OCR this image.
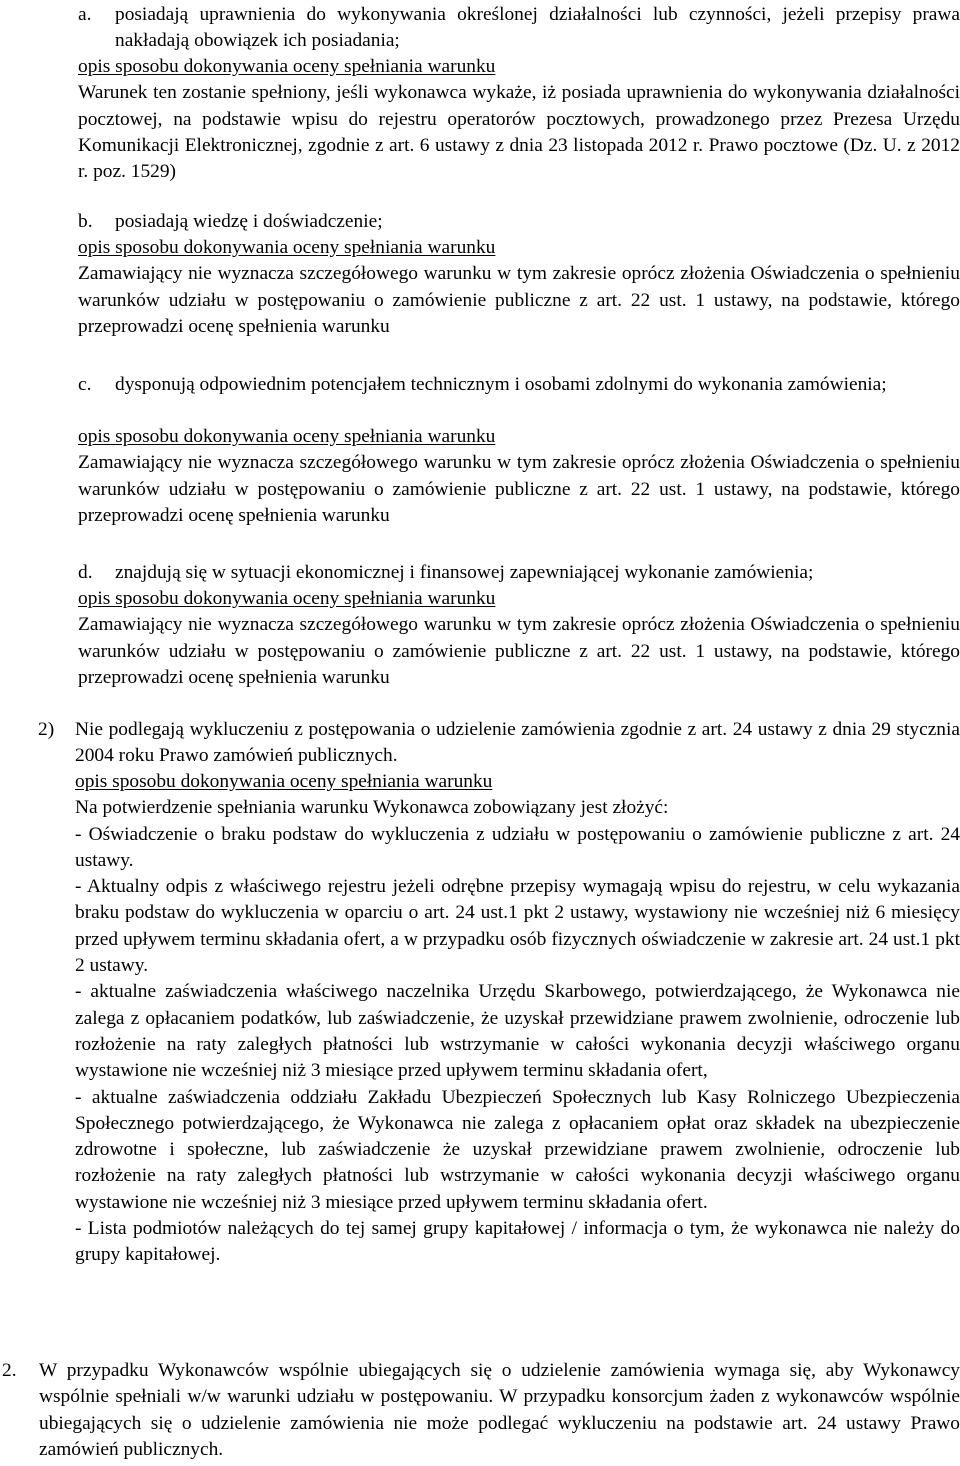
a. posiadają uprawnienia do wykonywania określonej działalności lub czynności, jeżeli przepisy prawa nakładają obowiązek ich posiadania;

opis sposobu dokonywania oceny spełniania warunku

Warunek ten zostanie spełniony, jeśli wykonawca wykaże, iż posiada uprawnienia do wykonywania działalności pocztowej, na podstawie wpisu do rejestru operatorów pocztowych, prowadzonego przez Prezesa Urzędu Komunikacji Elektronicznej, zgodnie z art. 6 ustawy z dnia 23 listopada 2012 r. Prawo pocztowe (Dz. U. z 2012 r. poz. 1529)

b. posiadają wiedzę i doświadczenie;

opis sposobu dokonywania oceny spełniania warunku

Zamawiający nie wyznacza szczegółowego warunku w tym zakresie oprócz złożenia Oświadczenia o spełnieniu warunków udziału w postępowaniu o zamówienie publiczne z art. 22 ust. 1 ustawy, na podstawie, którego przeprowadzi ocenę spełnienia warunku

c. dysponują odpowiednim potencjałem technicznym i osobami zdolnymi do wykonania zamówienia;

opis sposobu dokonywania oceny spełniania warunku

Zamawiający nie wyznacza szczegółowego warunku w tym zakresie oprócz złożenia Oświadczenia o spełnieniu warunków udziału w postępowaniu o zamówienie publiczne z art. 22 ust. 1 ustawy, na podstawie, którego przeprowadzi ocenę spełnienia warunku

d. znajdują się w sytuacji ekonomicznej i finansowej zapewniającej wykonanie zamówienia;

opis sposobu dokonywania oceny spełniania warunku

Zamawiający nie wyznacza szczegółowego warunku w tym zakresie oprócz złożenia Oświadczenia o spełnieniu warunków udziału w postępowaniu o zamówienie publiczne z art. 22 ust. 1 ustawy, na podstawie, którego przeprowadzi ocenę spełnienia warunku

2) Nie podlegają wykluczeniu z postępowania o udzielenie zamówienia zgodnie z art. 24 ustawy z dnia 29 stycznia 2004 roku Prawo zamówień publicznych.

opis sposobu dokonywania oceny spełniania warunku

Na potwierdzenie spełniania warunku Wykonawca zobowiązany jest złożyć:

- Oświadczenie o braku podstaw do wykluczenia z udziału w postępowaniu o zamówienie publiczne z art. 24 ustawy.

- Aktualny odpis z właściwego rejestru jeżeli odrębne przepisy wymagają wpisu do rejestru, w celu wykazania braku podstaw do wykluczenia w oparciu o art. 24 ust.1 pkt 2 ustawy, wystawiony nie wcześniej niż 6 miesięcy przed upływem terminu składania ofert, a w przypadku osób fizycznych oświadczenie w zakresie art. 24 ust.1 pkt 2 ustawy.

- aktualne zaświadczenia właściwego naczelnika Urzędu Skarbowego, potwierdzającego, że Wykonawca nie zalega z opłacaniem podatków, lub zaświadczenie, że uzyskał przewidziane prawem zwolnienie, odroczenie lub rozłożenie na raty zaległych płatności lub wstrzymanie w całości wykonania decyzji właściwego organu wystawione nie wcześniej niż 3 miesiące przed upływem terminu składania ofert,

- aktualne zaświadczenia oddziału Zakładu Ubezpieczeń Społecznych lub Kasy Rolniczego Ubezpieczenia Społecznego potwierdzającego, że Wykonawca nie zalega z opłacaniem opłat oraz składek na ubezpieczenie zdrowotne i społeczne, lub zaświadczenie że uzyskał przewidziane prawem zwolnienie, odroczenie lub rozłożenie na raty zaległych płatności lub wstrzymanie w całości wykonania decyzji właściwego organu wystawione nie wcześniej niż 3 miesiące przed upływem terminu składania ofert.

- Lista podmiotów należących do tej samej grupy kapitałowej / informacja o tym, że wykonawca nie należy do grupy kapitałowej.

2. W przypadku Wykonawców wspólnie ubiegających się o udzielenie zamówienia wymaga się, aby Wykonawcy wspólnie spełniali w/w warunki udziału w postępowaniu. W przypadku konsorcjum żaden z wykonawców wspólnie ubiegających się o udzielenie zamówienia nie może podlegać wykluczeniu na podstawie art. 24 ustawy Prawo zamówień publicznych.
